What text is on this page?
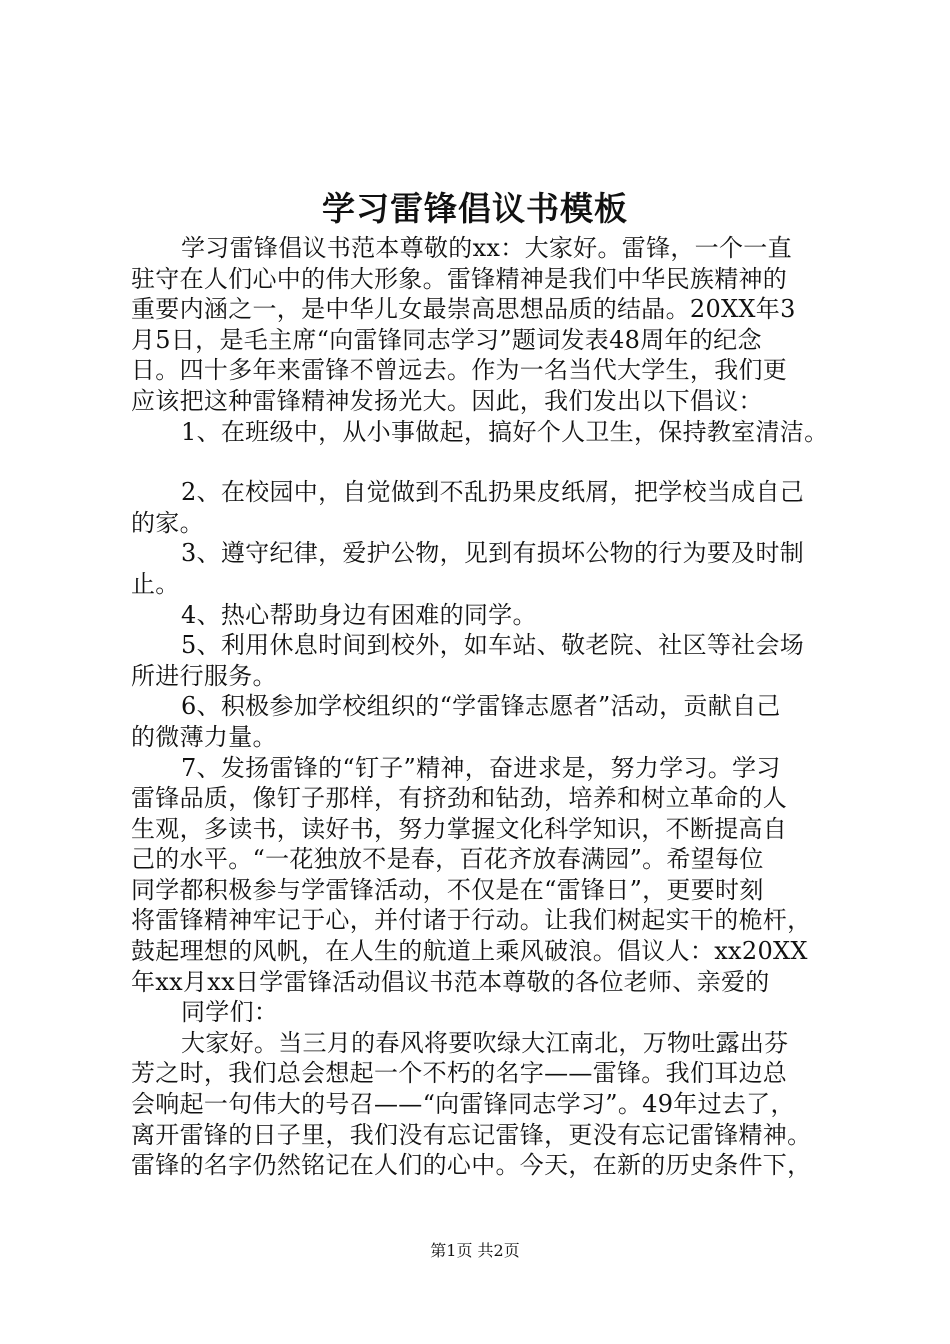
学习雷锋倡议书模板
学习雷锋倡议书范本尊敬的xx：大家好。雷锋，一个一直
驻守在人们心中的伟大形象。雷锋精神是我们中华民族精神的
重要内涵之一，是中华儿女最崇高思想品质的结晶。20XX年3
月5日，是毛主席“向雷锋同志学习”题词发表48周年的纪念
日。四十多年来雷锋不曾远去。作为一名当代大学生，我们更
应该把这种雷锋精神发扬光大。因此，我们发出以下倡议：
1、在班级中，从小事做起，搞好个人卫生，保持教室清洁。
2、在校园中，自觉做到不乱扔果皮纸屑，把学校当成自己
的家。
3、遵守纪律，爱护公物，见到有损坏公物的行为要及时制
止。
4、热心帮助身边有困难的同学。
5、利用休息时间到校外，如车站、敬老院、社区等社会场
所进行服务。
6、积极参加学校组织的“学雷锋志愿者”活动，贡献自己
的微薄力量。
7、发扬雷锋的“钉子”精神，奋进求是，努力学习。学习
雷锋品质，像钉子那样，有挤劲和钻劲，培养和树立革命的人
生观，多读书，读好书，努力掌握文化科学知识，不断提高自
己的水平。“一花独放不是春，百花齐放春满园”。希望每位
同学都积极参与学雷锋活动，不仅是在“雷锋日”，更要时刻
将雷锋精神牢记于心，并付诸于行动。让我们树起实干的桅杆，
鼓起理想的风帆，在人生的航道上乘风破浪。倡议人：xx20XX
年xx月xx日学雷锋活动倡议书范本尊敬的各位老师、亲爱的
同学们：
大家好。当三月的春风将要吹绿大江南北，万物吐露出芬
芳之时，我们总会想起一个不朽的名字——雷锋。我们耳边总
会响起一句伟大的号召——“向雷锋同志学习”。49年过去了，
离开雷锋的日子里，我们没有忘记雷锋，更没有忘记雷锋精神。
雷锋的名字仍然铭记在人们的心中。今天，在新的历史条件下，
第1页 共2页
